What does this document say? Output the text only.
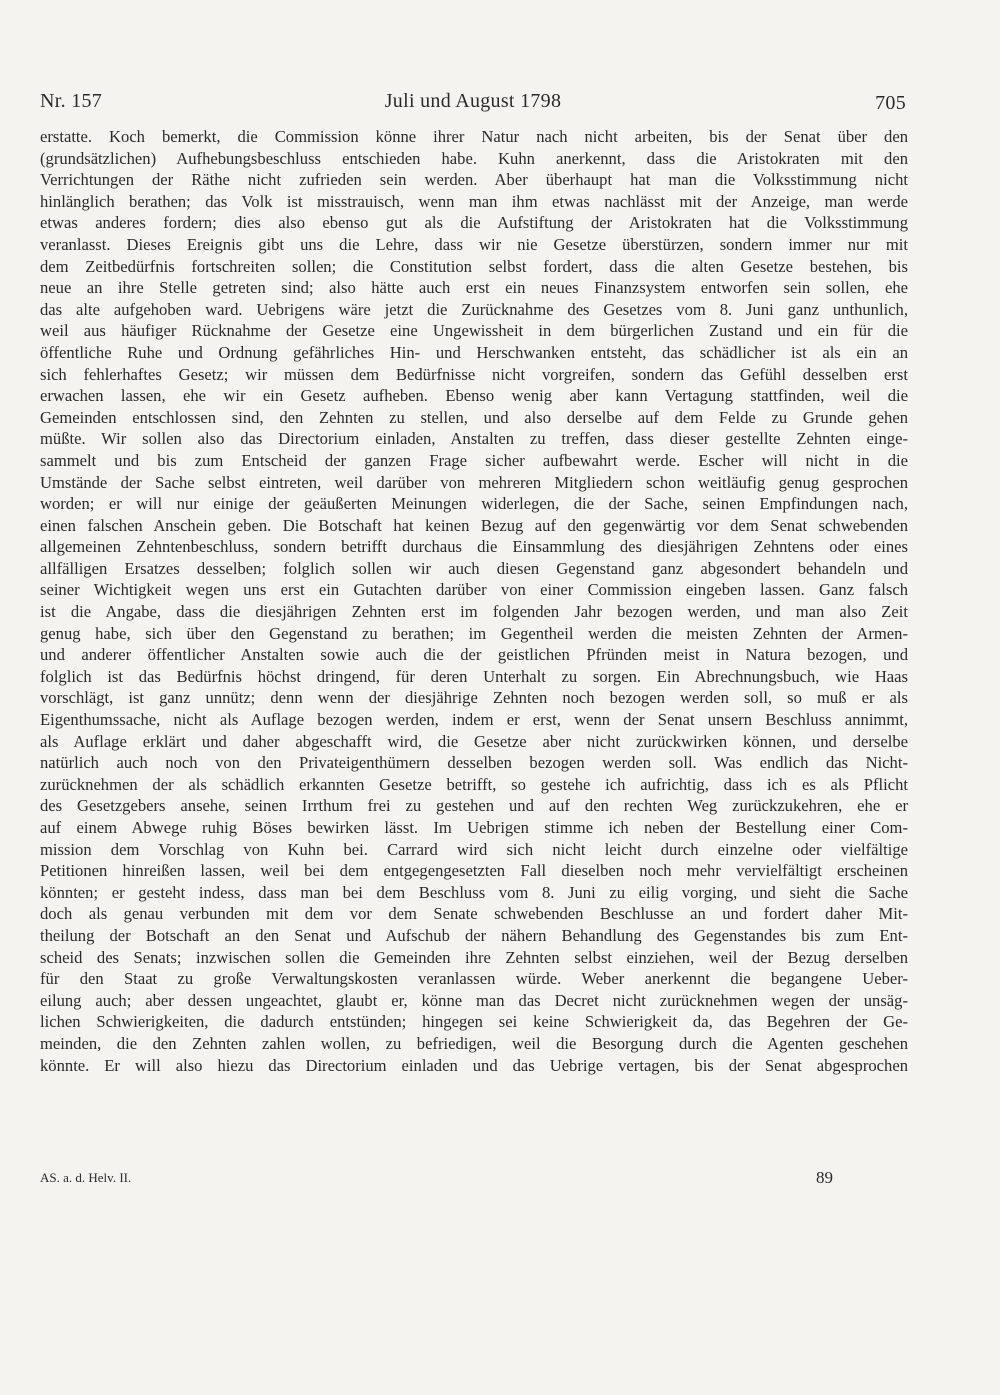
Nr. 157	Juli und August 1798	705
erstatte. Koch bemerkt, die Commission könne ihrer Natur nach nicht arbeiten, bis der Senat über den
(grundsätzlichen) Aufhebungsbeschluss entschieden habe. Kuhn anerkennt, dass die Aristokraten mit den
Verrichtungen der Räthe nicht zufrieden sein werden. Aber überhaupt hat man die Volksstimmung nicht
hinlänglich berathen; das Volk ist misstrauisch, wenn man ihm etwas nachlässt mit der Anzeige, man werde
etwas anderes fordern; dies also ebenso gut als die Aufstiftung der Aristokraten hat die Volksstimmung
veranlasst. Dieses Ereignis gibt uns die Lehre, dass wir nie Gesetze überstürzen, sondern immer nur mit
dem Zeitbedürfnis fortschreiten sollen; die Constitution selbst fordert, dass die alten Gesetze bestehen, bis
neue an ihre Stelle getreten sind; also hätte auch erst ein neues Finanzsystem entworfen sein sollen, ehe
das alte aufgehoben ward. Uebrigens wäre jetzt die Zurücknahme des Gesetzes vom 8. Juni ganz unthunlich,
weil aus häufiger Rücknahme der Gesetze eine Ungewissheit in dem bürgerlichen Zustand und ein für die
öffentliche Ruhe und Ordnung gefährliches Hin- und Herschwanken entsteht, das schädlicher ist als ein an
sich fehlerhaftes Gesetz; wir müssen dem Bedürfnisse nicht vorgreifen, sondern das Gefühl desselben erst
erwachen lassen, ehe wir ein Gesetz aufheben. Ebenso wenig aber kann Vertagung stattfinden, weil die
Gemeinden entschlossen sind, den Zehnten zu stellen, und also derselbe auf dem Felde zu Grunde gehen
müßte. Wir sollen also das Directorium einladen, Anstalten zu treffen, dass dieser gestellte Zehnten einge-
sammelt und bis zum Entscheid der ganzen Frage sicher aufbewahrt werde. Escher will nicht in die
Umstände der Sache selbst eintreten, weil darüber von mehreren Mitgliedern schon weitläufig genug gesprochen
worden; er will nur einige der geäußerten Meinungen widerlegen, die der Sache, seinen Empfindungen nach,
einen falschen Anschein geben. Die Botschaft hat keinen Bezug auf den gegenwärtig vor dem Senat schwebenden
allgemeinen Zehntenbeschluss, sondern betrifft durchaus die Einsammlung des diesjährigen Zehntens oder eines
allfälligen Ersatzes desselben; folglich sollen wir auch diesen Gegenstand ganz abgesondert behandeln und
seiner Wichtigkeit wegen uns erst ein Gutachten darüber von einer Commission eingeben lassen. Ganz falsch
ist die Angabe, dass die diesjährigen Zehnten erst im folgenden Jahr bezogen werden, und man also Zeit
genug habe, sich über den Gegenstand zu berathen; im Gegentheil werden die meisten Zehnten der Armen-
und anderer öffentlicher Anstalten sowie auch die der geistlichen Pfründen meist in Natura bezogen, und
folglich ist das Bedürfnis höchst dringend, für deren Unterhalt zu sorgen. Ein Abrechnungsbuch, wie Haas
vorschlägt, ist ganz unnütz; denn wenn der diesjährige Zehnten noch bezogen werden soll, so muß er als
Eigenthumssache, nicht als Auflage bezogen werden, indem er erst, wenn der Senat unsern Beschluss annimmt,
als Auflage erklärt und daher abgeschafft wird, die Gesetze aber nicht zurückwirken können, und derselbe
natürlich auch noch von den Privateigenthümern desselben bezogen werden soll. Was endlich das Nicht-
zurücknehmen der als schädlich erkannten Gesetze betrifft, so gestehe ich aufrichtig, dass ich es als Pflicht
des Gesetzgebers ansehe, seinen Irrthum frei zu gestehen und auf den rechten Weg zurückzukehren, ehe er
auf einem Abwege ruhig Böses bewirken lässt. Im Uebrigen stimme ich neben der Bestellung einer Com-
mission dem Vorschlag von Kuhn bei. Carrard wird sich nicht leicht durch einzelne oder vielfältige
Petitionen hinreißen lassen, weil bei dem entgegengesetzten Fall dieselben noch mehr vervielfältigt erscheinen
könnten; er gesteht indess, dass man bei dem Beschluss vom 8. Juni zu eilig vorging, und sieht die Sache
doch als genau verbunden mit dem vor dem Senate schwebenden Beschlusse an und fordert daher Mit-
theilung der Botschaft an den Senat und Aufschub der nähern Behandlung des Gegenstandes bis zum Ent-
scheid des Senats; inzwischen sollen die Gemeinden ihre Zehnten selbst einziehen, weil der Bezug derselben
für den Staat zu große Verwaltungskosten veranlassen würde. Weber anerkennt die begangene Ueber-
eilung auch; aber dessen ungeachtet, glaubt er, könne man das Decret nicht zurücknehmen wegen der unsäg-
lichen Schwierigkeiten, die dadurch entstünden; hingegen sei keine Schwierigkeit da, das Begehren der Ge-
meinden, die den Zehnten zahlen wollen, zu befriedigen, weil die Besorgung durch die Agenten geschehen
könnte. Er will also hiezu das Directorium einladen und das Uebrige vertagen, bis der Senat abgesprochen
AS. a. d. Helv. II.	89
